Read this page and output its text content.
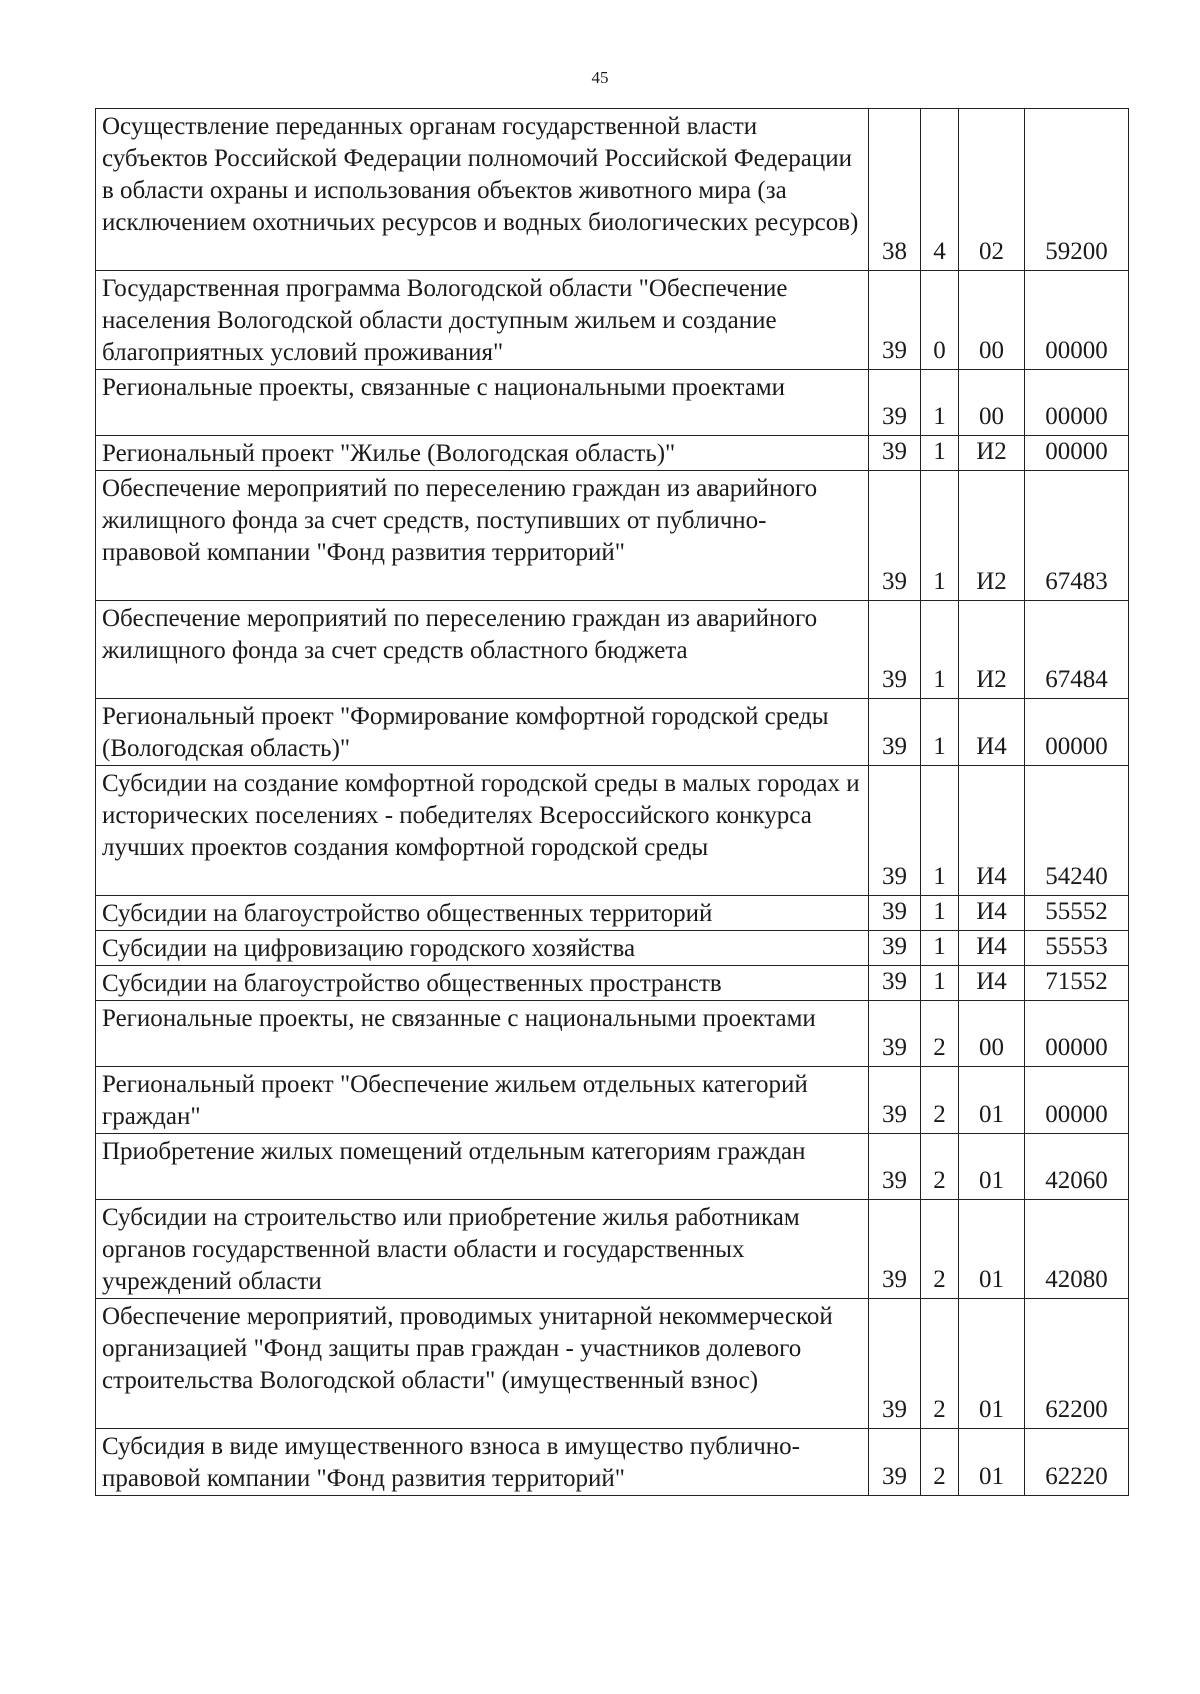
45
Осуществление переданных органам государственной власти субъектов Российской Федерации полномочий Российской Федерации в области охраны и использования объектов животного мира (за исключением охотничьих ресурсов и водных биологических ресурсов)	38	4	02	59200
Государственная программа Вологодской области "Обеспечение населения Вологодской области доступным жильем и создание благоприятных условий проживания"	39	0	00	00000
Региональные проекты, связанные с национальными проектами	39	1	00	00000
Региональный проект "Жилье (Вологодская область)"	39	1	И2	00000
Обеспечение мероприятий по переселению граждан из аварийного жилищного фонда за счет средств, поступивших от публично-правовой компании "Фонд развития территорий"	39	1	И2	67483
Обеспечение мероприятий по переселению граждан из аварийного жилищного фонда за счет средств областного бюджета	39	1	И2	67484
Региональный проект "Формирование комфортной городской среды (Вологодская область)"	39	1	И4	00000
Субсидии на создание комфортной городской среды в малых городах и исторических поселениях - победителях Всероссийского конкурса лучших проектов создания комфортной городской среды	39	1	И4	54240
Субсидии на благоустройство общественных территорий	39	1	И4	55552
Субсидии на цифровизацию городского хозяйства	39	1	И4	55553
Субсидии на благоустройство общественных пространств	39	1	И4	71552
Региональные проекты, не связанные с национальными проектами	39	2	00	00000
Региональный проект "Обеспечение жильем отдельных категорий граждан"	39	2	01	00000
Приобретение жилых помещений отдельным категориям граждан	39	2	01	42060
Субсидии на строительство или приобретение жилья работникам органов государственной власти области и государственных учреждений области	39	2	01	42080
Обеспечение мероприятий, проводимых унитарной некоммерческой организацией "Фонд защиты прав граждан - участников долевого строительства Вологодской области" (имущественный взнос)	39	2	01	62200
Субсидия в виде имущественного взноса в имущество публично-правовой компании "Фонд развития территорий"	39	2	01	62220
